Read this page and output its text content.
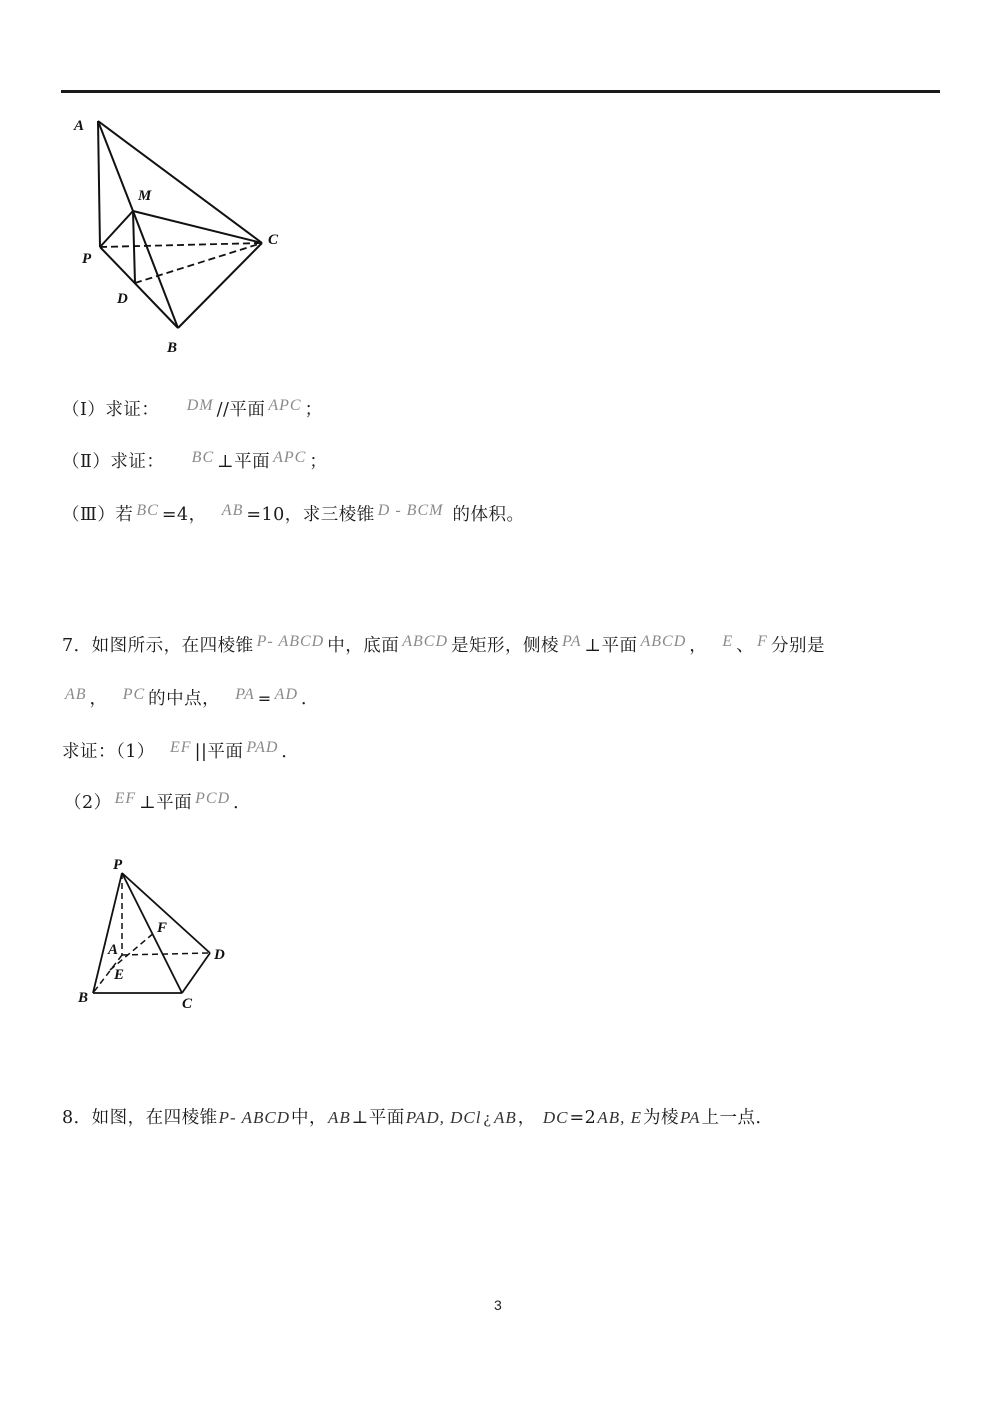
A
M
P
C
D
B
（Ⅰ）求证： DM //平面 APC ；
（Ⅱ）求证： BC ⊥平面 APC ；
（Ⅲ）若 BC =4， AB =10，求三棱锥 D - BCM 的体积。
7．如图所示，在四棱锥 P- ABCD 中，底面 ABCD 是矩形，侧棱 PA ⊥平面 ABCD ， E 、 F 分别是
AB ， PC 的中点， PA = AD ．
求证：（1） EF ||平面 PAD ．
（2） EF ⊥平面 PCD ．
P
A
F
D
E
B	C
8．如图，在四棱锥P- ABCD中，AB⊥平面PAD, DCl ¿ AB， DC=2AB, E为棱PA上一点．
3
